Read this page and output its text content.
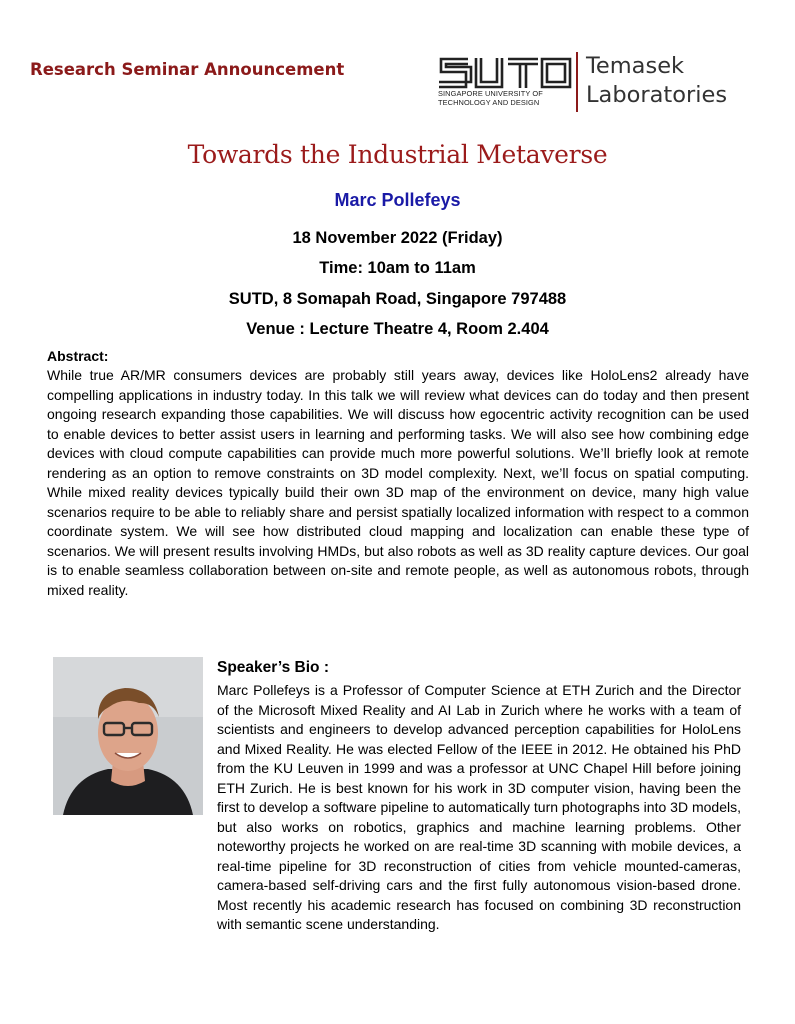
Research Seminar Announcement
SINGAPORE UNIVERSITY OF TECHNOLOGY AND DESIGN
Temasek
Laboratories
Towards the Industrial Metaverse
Marc Pollefeys
18 November 2022 (Friday)
Time: 10am to 11am
SUTD, 8 Somapah Road, Singapore 797488
Venue : Lecture Theatre 4, Room 2.404
Abstract:
While true AR/MR consumers devices are probably still years away, devices like HoloLens2 already have compelling applications in industry today. In this talk we will review what devices can do today and then present ongoing research expanding those capabilities. We will discuss how egocentric activity recognition can be used to enable devices to better assist users in learning and performing tasks. We will also see how combining edge devices with cloud compute capabilities can provide much more powerful solutions. We’ll briefly look at remote rendering as an option to remove constraints on 3D model complexity. Next, we’ll focus on spatial computing. While mixed reality devices typically build their own 3D map of the environment on device, many high value scenarios require to be able to reliably share and persist spatially localized information with respect to a common coordinate system. We will see how distributed cloud mapping and localization can enable these type of scenarios. We will present results involving HMDs, but also robots as well as 3D reality capture devices. Our goal is to enable seamless collaboration between on-site and remote people, as well as autonomous robots, through mixed reality.
Speaker’s Bio :
Marc Pollefeys is a Professor of Computer Science at ETH Zurich and the Director of the Microsoft Mixed Reality and AI Lab in Zurich where he works with a team of scientists and engineers to develop advanced perception capabilities for HoloLens and Mixed Reality. He was elected Fellow of the IEEE in 2012. He obtained his PhD from the KU Leuven in 1999 and was a professor at UNC Chapel Hill before joining ETH Zurich. He is best known for his work in 3D computer vision, having been the first to develop a software pipeline to automatically turn photographs into 3D models, but also works on robotics, graphics and machine learning problems. Other noteworthy projects he worked on are real-time 3D scanning with mobile devices, a real-time pipeline for 3D reconstruction of cities from vehicle mounted-cameras, camera-based self-driving cars and the first fully autonomous vision-based drone. Most recently his academic research has focused on combining 3D reconstruction with semantic scene understanding.
